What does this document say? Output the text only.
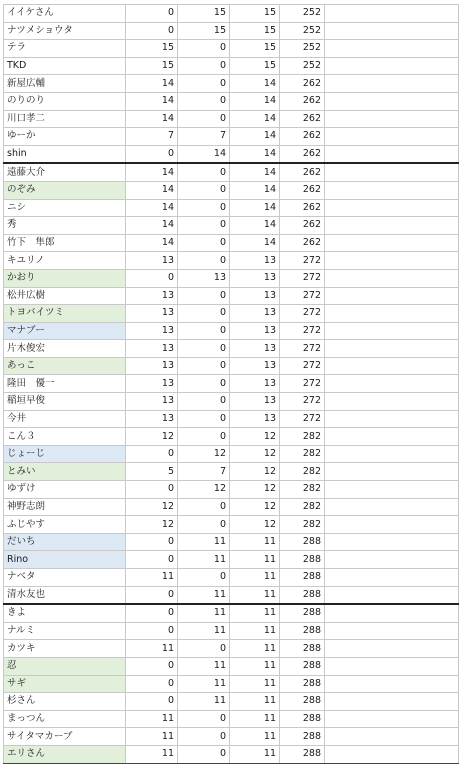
イイケさん	0	15	15	252	
ナツメショウタ	0	15	15	252	
テラ	15	0	15	252	
TKD	15	0	15	252	
新屋広輔	14	0	14	262	
のりのり	14	0	14	262	
川口孝二	14	0	14	262	
ゆーか	7	7	14	262	
shin	0	14	14	262	
遠藤大介	14	0	14	262	
のぞみ	14	0	14	262	
ニシ	14	0	14	262	
秀	14	0	14	262	
竹下　隼郎	14	0	14	262	
キユリノ	13	0	13	272	
かおり	0	13	13	272	
松井広樹	13	0	13	272	
トヨバイツミ	13	0	13	272	
マナブー	13	0	13	272	
片木俊宏	13	0	13	272	
あっこ	13	0	13	272	
隆田　優一	13	0	13	272	
稲垣早俊	13	0	13	272	
今井	13	0	13	272	
こん３	12	0	12	282	
じょーじ	0	12	12	282	
とみい	5	7	12	282	
ゆずけ	0	12	12	282	
神野志朗	12	0	12	282	
ふじやす	12	0	12	282	
だいち	0	11	11	288	
Rino	0	11	11	288	
ナベタ	11	0	11	288	
清水友也	0	11	11	288	
きよ	0	11	11	288	
ナルミ	0	11	11	288	
カツキ	11	0	11	288	
忍	0	11	11	288	
サギ	0	11	11	288	
杉さん	0	11	11	288	
まっつん	11	0	11	288	
サイタマカーブ	11	0	11	288	
エリさん	11	0	11	288	
